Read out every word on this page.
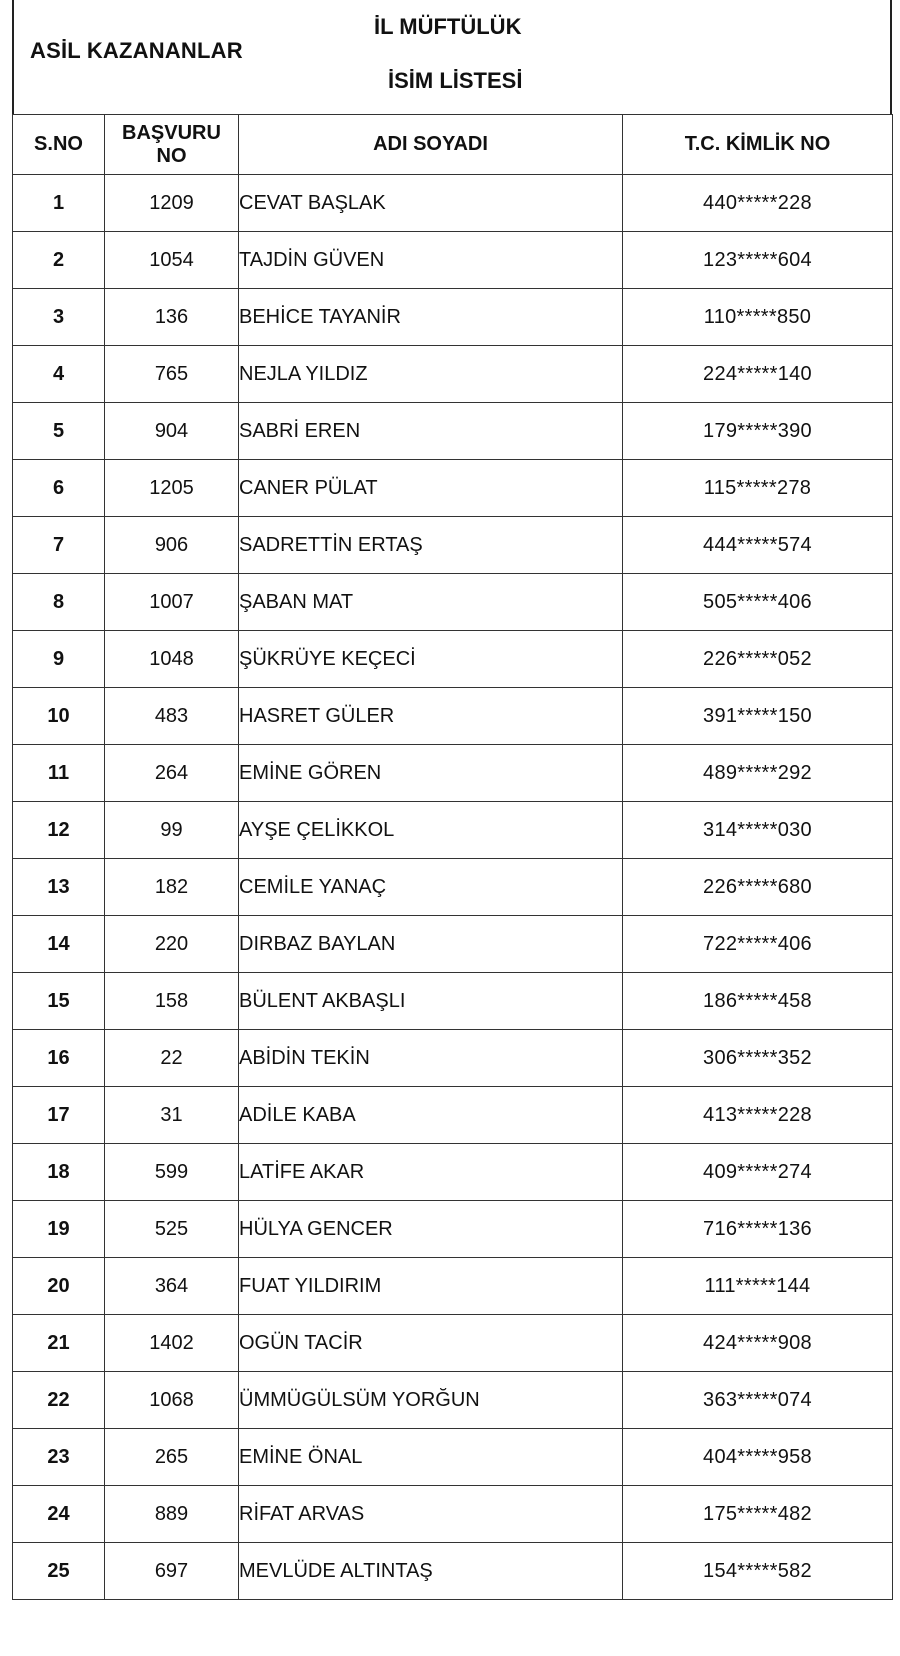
ASİL KAZANANLAR
İL MÜFTÜLÜK
İSİM LİSTESİ
S.NO	BAŞVURU NO	ADI SOYADI	T.C. KİMLİK NO
1	1209	CEVAT BAŞLAK	440*****228
2	1054	TAJDİN GÜVEN	123*****604
3	136	BEHİCE TAYANİR	110*****850
4	765	NEJLA YILDIZ	224*****140
5	904	SABRİ EREN	179*****390
6	1205	CANER PÜLAT	115*****278
7	906	SADRETTİN ERTAŞ	444*****574
8	1007	ŞABAN MAT	505*****406
9	1048	ŞÜKRÜYE KEÇECİ	226*****052
10	483	HASRET GÜLER	391*****150
11	264	EMİNE GÖREN	489*****292
12	99	AYŞE ÇELİKKOL	314*****030
13	182	CEMİLE YANAÇ	226*****680
14	220	DIRBAZ BAYLAN	722*****406
15	158	BÜLENT AKBAŞLI	186*****458
16	22	ABİDİN TEKİN	306*****352
17	31	ADİLE KABA	413*****228
18	599	LATİFE AKAR	409*****274
19	525	HÜLYA GENCER	716*****136
20	364	FUAT YILDIRIM	111*****144
21	1402	OGÜN TACİR	424*****908
22	1068	ÜMMÜGÜLSÜM YORĞUN	363*****074
23	265	EMİNE ÖNAL	404*****958
24	889	RİFAT ARVAS	175*****482
25	697	MEVLÜDE ALTINTAŞ	154*****582
